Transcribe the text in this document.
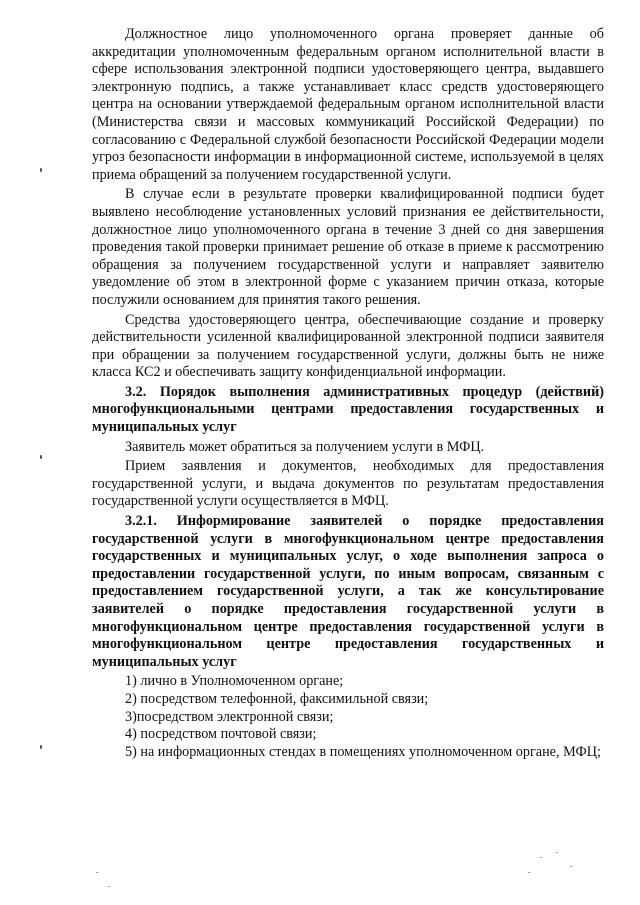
Должностное лицо уполномоченного органа проверяет данные об аккредитации уполномоченным федеральным органом исполнительной власти в сфере использования электронной подписи удостоверяющего центра, выдавшего электронную подпись, а также устанавливает класс средств удостоверяющего центра на основании утверждаемой федеральным органом исполнительной власти (Министерства связи и массовых коммуникаций Российской Федерации) по согласованию с Федеральной службой безопасности Российской Федерации модели угроз безопасности информации в информационной системе, используемой в целях приема обращений за получением государственной услуги.

В случае если в результате проверки квалифицированной подписи будет выявлено несоблюдение установленных условий признания ее действительности, должностное лицо уполномоченного органа в течение 3 дней со дня завершения проведения такой проверки принимает решение об отказе в приеме к рассмотрению обращения за получением государственной услуги и направляет заявителю уведомление об этом в электронной форме с указанием причин отказа, которые послужили основанием для принятия такого решения.

Средства удостоверяющего центра, обеспечивающие создание и проверку действительности усиленной квалифицированной электронной подписи заявителя при обращении за получением государственной услуги, должны быть не ниже класса КС2 и обеспечивать защиту конфиденциальной информации.

3.2. Порядок выполнения административных процедур (действий) многофункциональными центрами предоставления государственных и муниципальных услуг

Заявитель может обратиться за получением услуги в МФЦ.

Прием заявления и документов, необходимых для предоставления государственной услуги, и выдача документов по результатам предоставления государственной услуги осуществляется в МФЦ.

3.2.1. Информирование заявителей о порядке предоставления государственной услуги в многофункциональном центре предоставления государственных и муниципальных услуг, о ходе выполнения запроса о предоставлении государственной услуги, по иным вопросам, связанным с предоставлением государственной услуги, а так же консультирование заявителей о порядке предоставления государственной услуги в многофункциональном центре предоставления государственной услуги в многофункциональном центре предоставления государственных и муниципальных услуг

1) лично в Уполномоченном органе;

2) посредством телефонной, факсимильной связи;

3)посредством электронной связи;

4) посредством почтовой связи;

5) на информационных стендах в помещениях уполномоченном органе, МФЦ;
